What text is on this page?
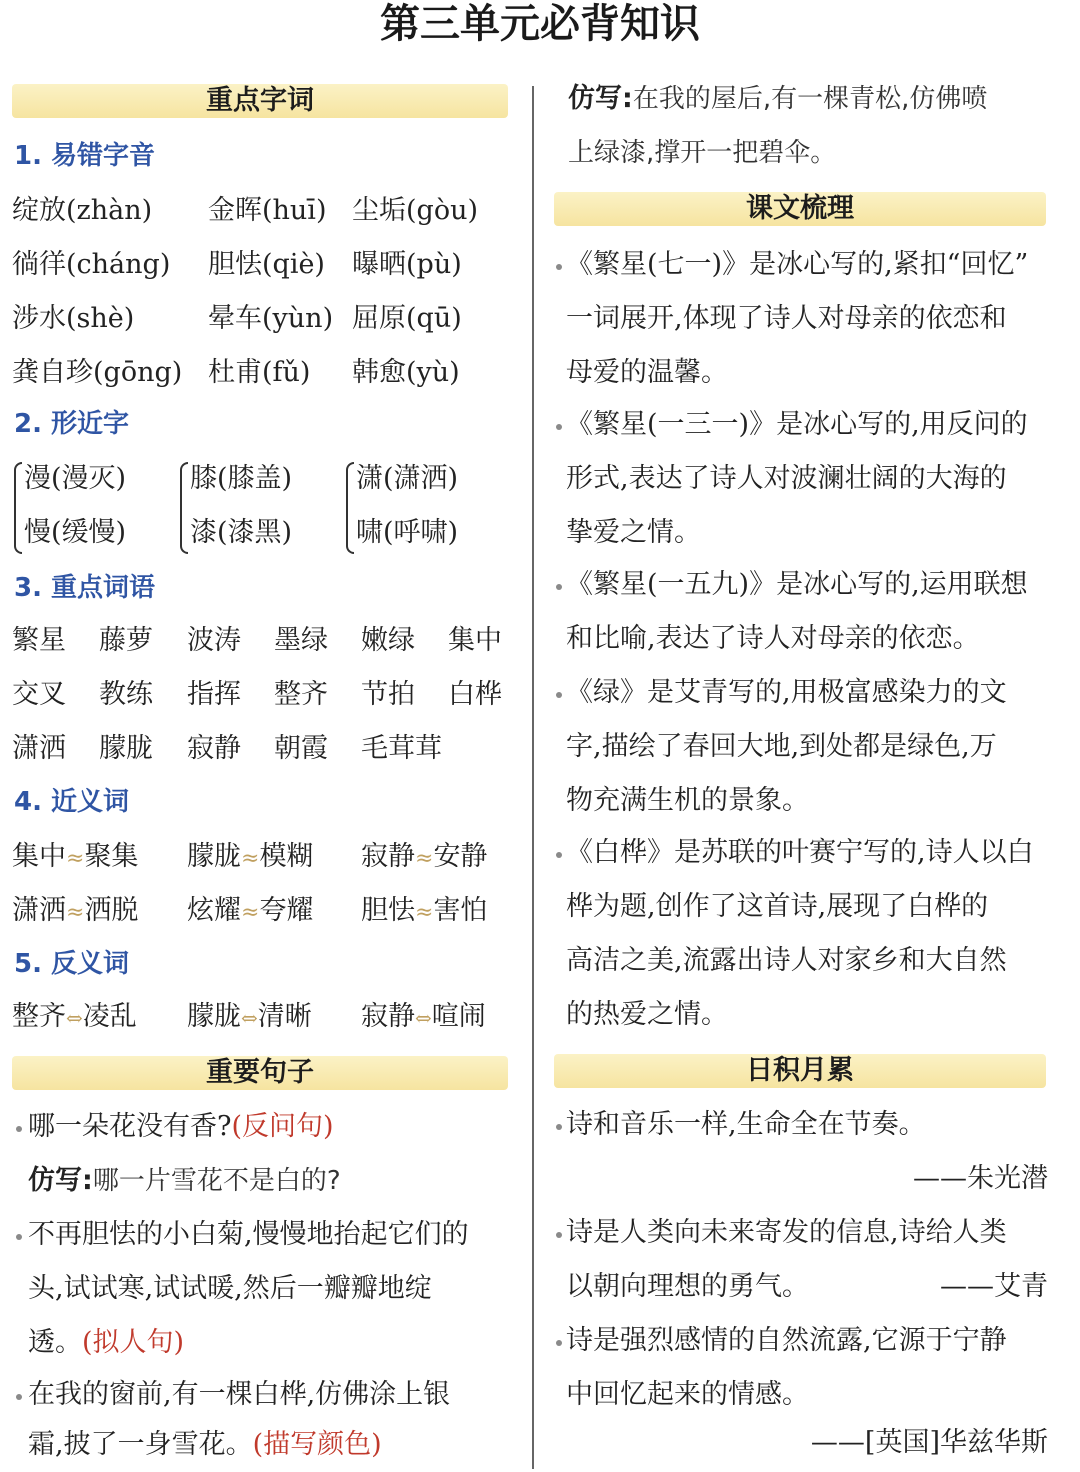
第三单元必背知识
重点字词
1. 易错字音
绽放(zhàn) 金晖(huī) 尘垢(gòu)
徜徉(cháng) 胆怯(qiè) 曝晒(pù)
涉水(shè)	晕车(yùn) 屈原(qū)
龚自珍(gōng) 杜甫(fǔ) 韩愈(yù)
2. 形近字
漫(漫灭)
慢(缓慢)
膝(膝盖)
漆(漆黑)
潇(潇洒)
啸(呼啸)
3. 重点词语
繁星 藤萝 波涛 墨绿 嫩绿 集中
交叉 教练 指挥 整齐 节拍 白桦
潇洒 朦胧 寂静 朝霞 毛茸茸
4. 近义词
集中≈聚集 朦胧≈模糊 寂静≈安静
潇洒≈洒脱 炫耀≈夸耀 胆怯≈害怕
5. 反义词
整齐⇔凌乱 朦胧⇔清晰 寂静⇔喧闹
重要句子
哪一朵花没有香?(反问句)
仿写:哪一片雪花不是白的?
不再胆怯的小白菊,慢慢地抬起它们的
头,试试寒,试试暖,然后一瓣瓣地绽
透。(拟人句)
在我的窗前,有一棵白桦,仿佛涂上银
霜,披了一身雪花。(描写颜色)
仿写:在我的屋后,有一棵青松,仿佛喷
上绿漆,撑开一把碧伞。
课文梳理
《繁星(七一)》是冰心写的,紧扣“回忆”
一词展开,体现了诗人对母亲的依恋和
母爱的温馨。
《繁星(一三一)》是冰心写的,用反问的
形式,表达了诗人对波澜壮阔的大海的
挚爱之情。
《繁星(一五九)》是冰心写的,运用联想
和比喻,表达了诗人对母亲的依恋。
《绿》是艾青写的,用极富感染力的文
字,描绘了春回大地,到处都是绿色,万
物充满生机的景象。
《白桦》是苏联的叶赛宁写的,诗人以白
桦为题,创作了这首诗,展现了白桦的
高洁之美,流露出诗人对家乡和大自然
的热爱之情。
日积月累
诗和音乐一样,生命全在节奏。
——朱光潜
诗是人类向未来寄发的信息,诗给人类
以朝向理想的勇气。	——艾青
诗是强烈感情的自然流露,它源于宁静
中回忆起来的情感。
——[英国]华兹华斯
